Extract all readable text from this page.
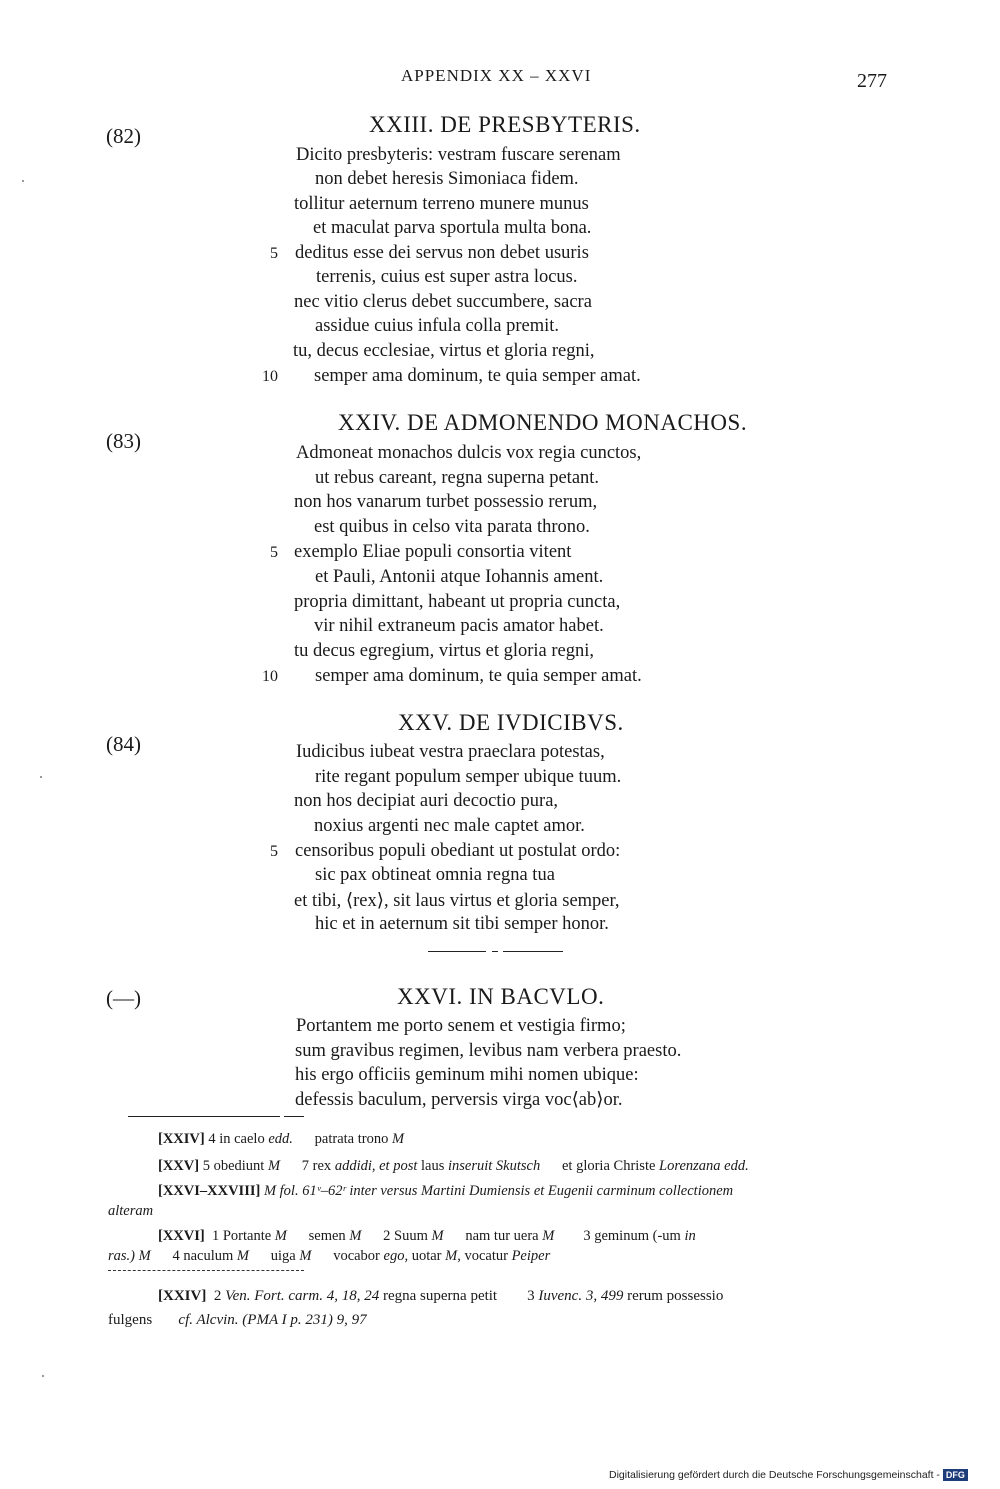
APPENDIX XX – XXVI	277
(82)	XXIII. DE PRESBYTERIS.
Dicito presbyteris: vestram fuscare serenam
non debet heresis Simoniaca fidem.
tollitur aeternum terreno munere munus
et maculat parva sportula multa bona.
5 deditus esse dei servus non debet usuris
terrenis, cuius est super astra locus.
nec vitio clerus debet succumbere, sacra
assidue cuius infula colla premit.
tu, decus ecclesiae, virtus et gloria regni,
10 semper ama dominum, te quia semper amat.
(83)
XXIV. DE ADMONENDO MONACHOS.
Admoneat monachos dulcis vox regia cunctos,
ut rebus careant, regna superna petant.
non hos vanarum turbet possessio rerum,
est quibus in celso vita parata throno.
5 exemplo Eliae populi consortia vitent
et Pauli, Antonii atque Iohannis ament.
propria dimittant, habeant ut propria cuncta,
vir nihil extraneum pacis amator habet.
tu decus egregium, virtus et gloria regni,
10 semper ama dominum, te quia semper amat.
(84)
XXV. DE IVDICIBVS.
Iudicibus iubeat vestra praeclara potestas,
rite regant populum semper ubique tuum.
non hos decipiat auri decoctio pura,
noxius argenti nec male captet amor.
5 censoribus populi obediant ut postulat ordo:
sic pax obtineat omnia regna tua
et tibi, ⟨rex⟩, sit laus virtus et gloria semper,
hic et in aeternum sit tibi semper honor.
(—)	XXVI. IN BACVLO.
Portantem me porto senem et vestigia firmo;
sum gravibus regimen, levibus nam verbera praesto.
his ergo officiis geminum mihi nomen ubique:
defessis baculum, perversis virga voc⟨ab⟩or.
[XXIV] 4 in caelo edd. patrata trono M
[XXV] 5 obediunt M 7 rex addidi, et post laus inseruit Skutsch et gloria Christe Lorenzana edd.
[XXVI–XXVIII] M fol. 61ᵛ–62ʳ inter versus Martini Dumiensis et Eugenii carminum collectionem
alteram
[XXVI] 1 Portante M semen M 2 Suum M nam tur uera M 3 geminum (-um in
ras.) M 4 naculum M uiga M vocabor ego, uotar M, vocatur Peiper
[XXIV] 2 Ven. Fort. carm. 4, 18, 24 regna superna petit 3 Iuvenc. 3, 499 rerum possessio
fulgens cf. Alcvin. (PMA I p. 231) 9, 97
Digitalisierung gefördert durch die Deutsche Forschungsgemeinschaft - DFG
